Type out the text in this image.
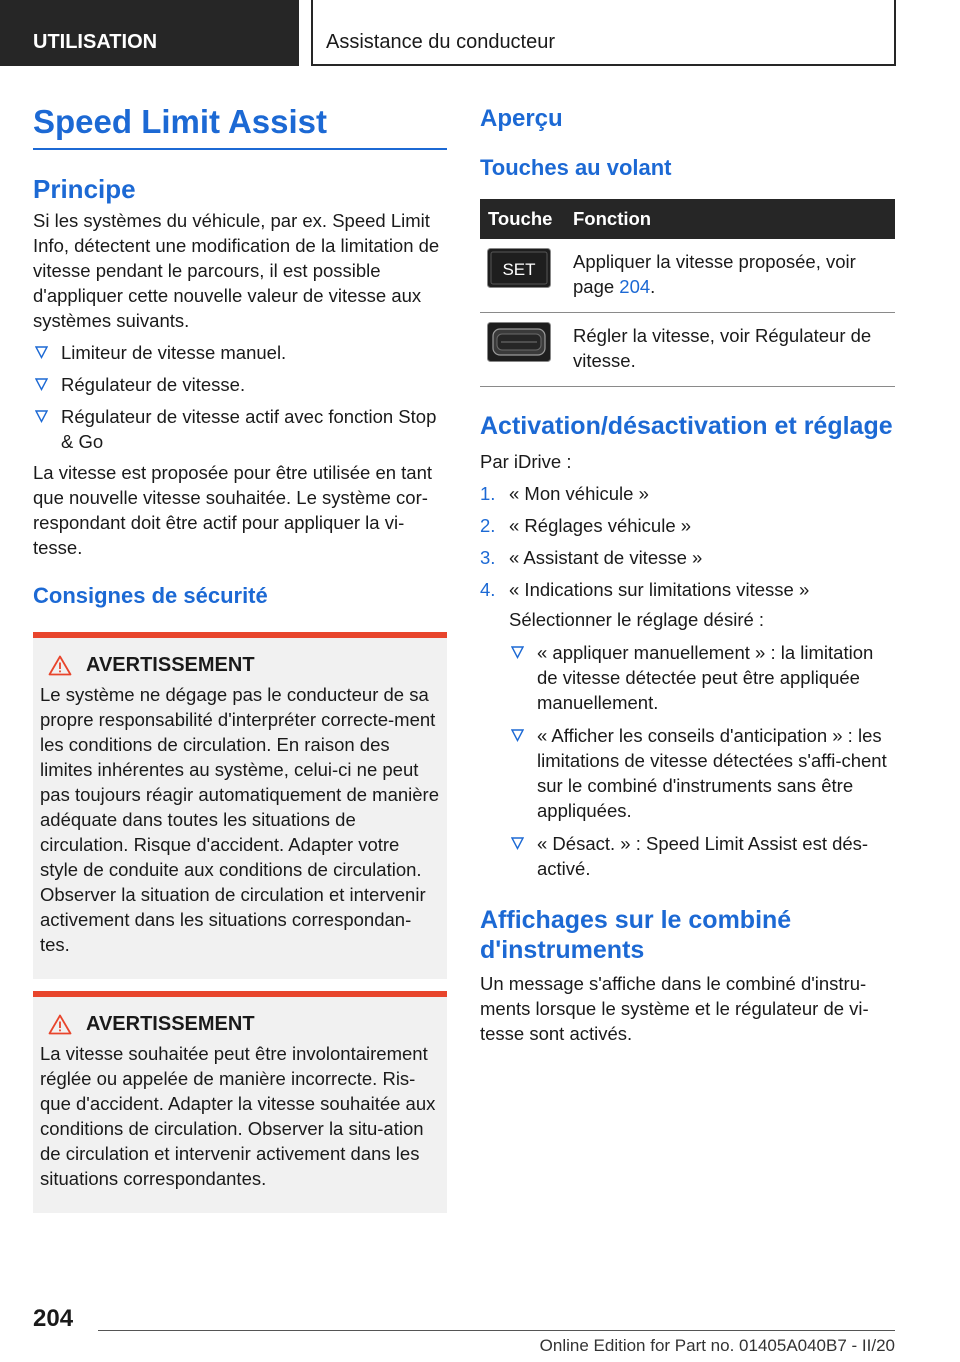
UTILISATION	Assistance du conducteur
Speed Limit Assist
Principe

Si les systèmes du véhicule, par ex. Speed Limit Info, détectent une modification de la limitation de vitesse pendant le parcours, il est possible d'appliquer cette nouvelle valeur de vitesse aux systèmes suivants.

Limiteur de vitesse manuel.
Régulateur de vitesse.
Régulateur de vitesse actif avec fonction Stop & Go

La vitesse est proposée pour être utilisée en tant que nouvelle vitesse souhaitée. Le système cor-respondant doit être actif pour appliquer la vi-tesse.

Consignes de sécurité
AVERTISSEMENT

Le système ne dégage pas le conducteur de sa propre responsabilité d'interpréter correcte-ment les conditions de circulation. En raison des limites inhérentes au système, celui-ci ne peut pas toujours réagir automatiquement de manière adéquate dans toutes les situations de circulation. Risque d'accident. Adapter votre style de conduite aux conditions de circulation. Observer la situation de circulation et intervenir activement dans les situations correspondan-tes.

AVERTISSEMENT

La vitesse souhaitée peut être involontairement réglée ou appelée de manière incorrecte. Ris-que d'accident. Adapter la vitesse souhaitée aux conditions de circulation. Observer la situ-ation de circulation et intervenir activement dans les situations correspondantes.

Aperçu
Touches au volant
Touche	Fonction

SET	Appliquer la vitesse proposée, voir page 204.
	Régler la vitesse, voir Régulateur de vitesse.
Activation/désactivation et réglage

Par iDrive :

1. « Mon véhicule »
2. « Réglages véhicule »
3. « Assistant de vitesse »
4. « Indications sur limitations vitesse »

Sélectionner le réglage désiré :

« appliquer manuellement » : la limitation de vitesse détectée peut être appliquée manuellement.
« Afficher les conseils d'anticipation » : les limitations de vitesse détectées s'affi-chent sur le combiné d'instruments sans être appliquées.
« Désact. » : Speed Limit Assist est dés-activé.
Affichages sur le combiné d'instruments

Un message s'affiche dans le combiné d'instru-ments lorsque le système et le régulateur de vi-tesse sont activés.

204
Online Edition for Part no. 01405A040B7 - II/20
